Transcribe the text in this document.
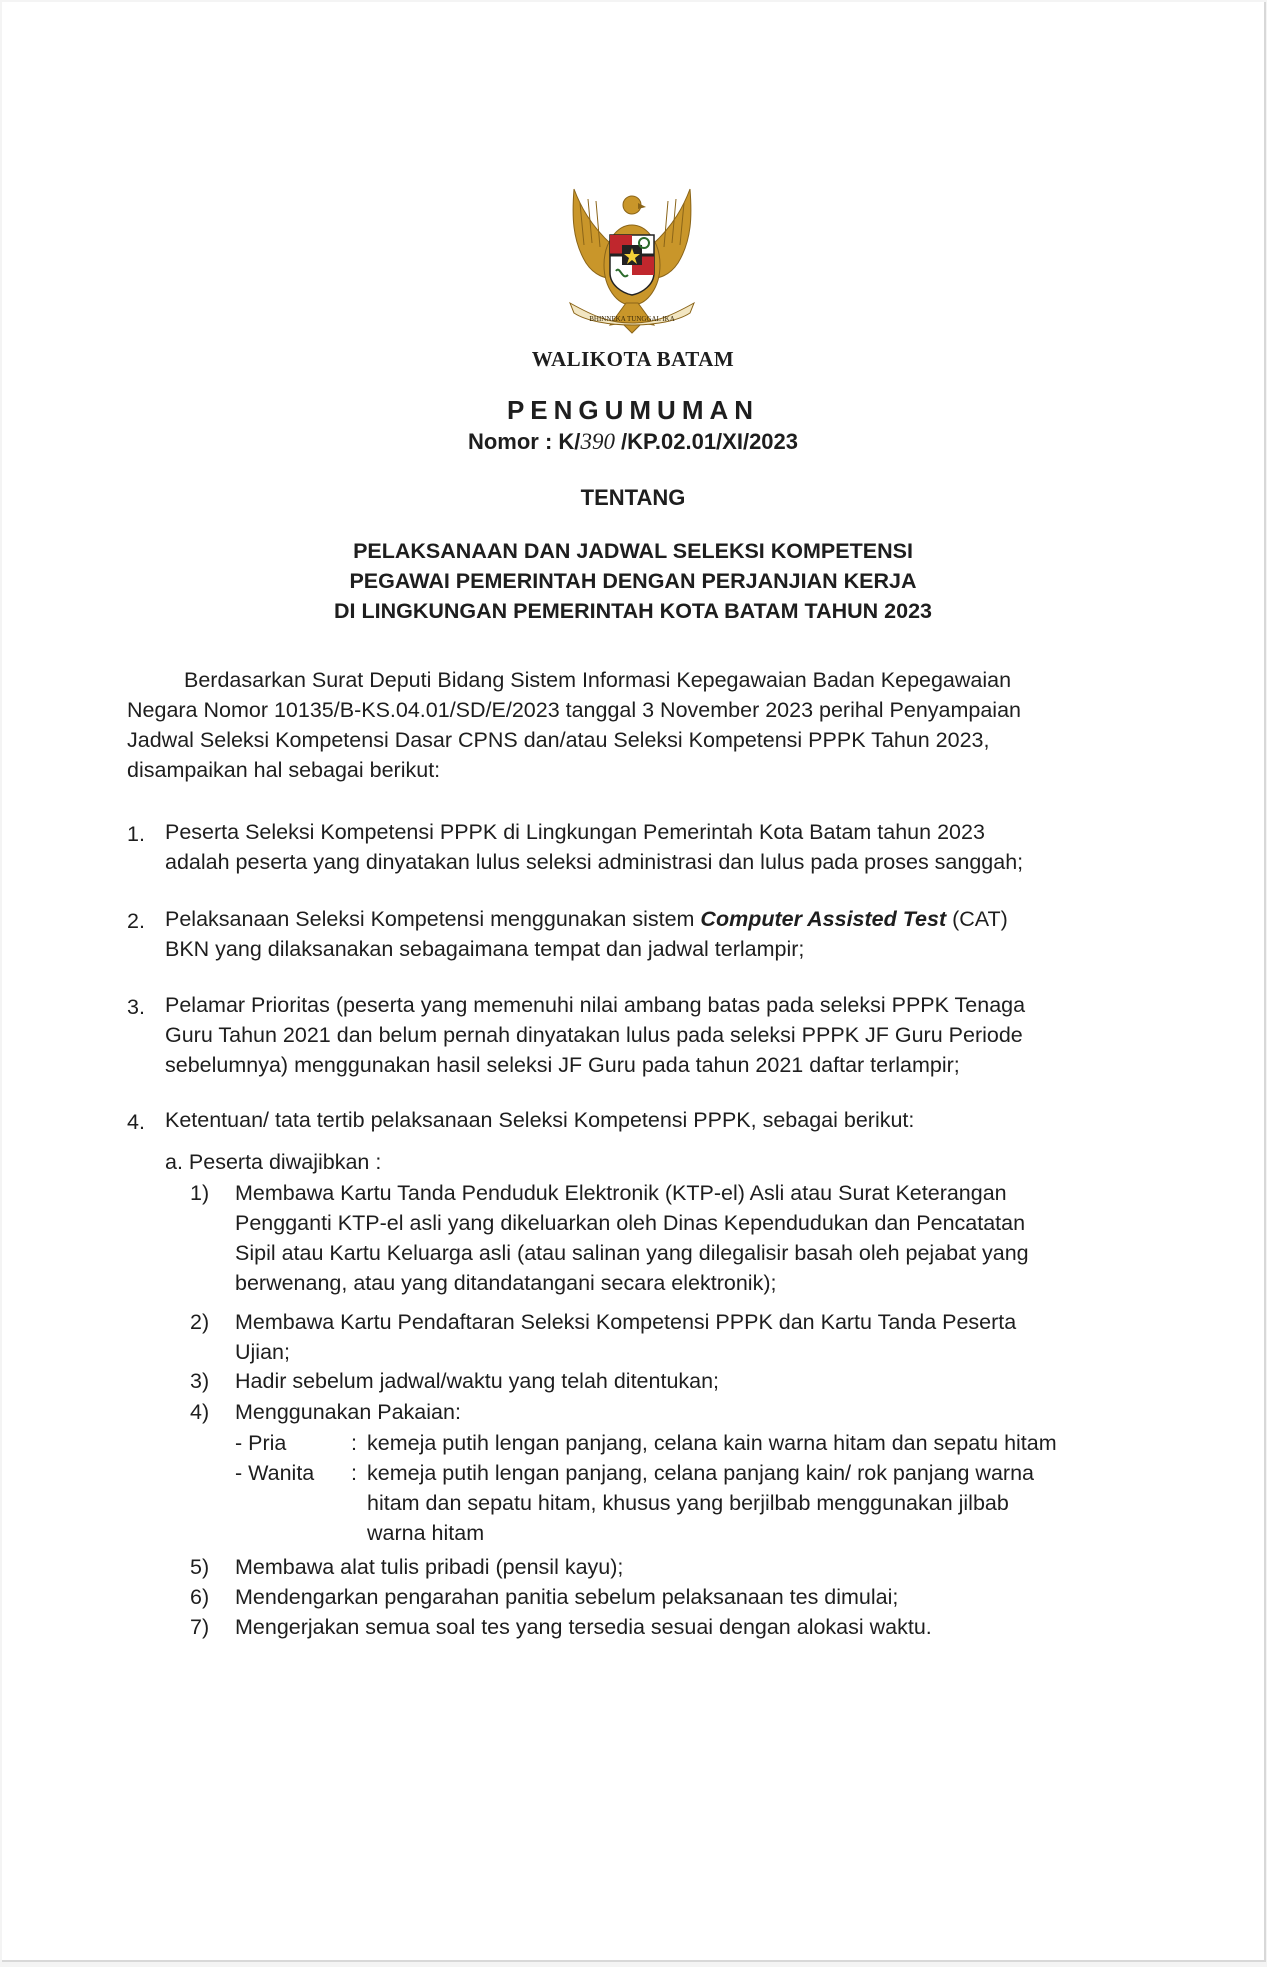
BHINNEKA TUNGGAL IKA
WALIKOTA BATAM
PENGUMUMAN
Nomor : K/390 /KP.02.01/XI/2023
TENTANG
PELAKSANAAN DAN JADWAL SELEKSI KOMPETENSI
PEGAWAI PEMERINTAH DENGAN PERJANJIAN KERJA
DI LINGKUNGAN PEMERINTAH KOTA BATAM TAHUN 2023
Berdasarkan Surat Deputi Bidang Sistem Informasi Kepegawaian Badan Kepegawaian
Negara Nomor 10135/B-KS.04.01/SD/E/2023 tanggal 3 November 2023 perihal Penyampaian
Jadwal Seleksi Kompetensi Dasar CPNS dan/atau Seleksi Kompetensi PPPK Tahun 2023,
disampaikan hal sebagai berikut:
1. Peserta Seleksi Kompetensi PPPK di Lingkungan Pemerintah Kota Batam tahun 2023
adalah peserta yang dinyatakan lulus seleksi administrasi dan lulus pada proses sanggah;
2. Pelaksanaan Seleksi Kompetensi menggunakan sistem Computer Assisted Test (CAT)
BKN yang dilaksanakan sebagaimana tempat dan jadwal terlampir;
3. Pelamar Prioritas (peserta yang memenuhi nilai ambang batas pada seleksi PPPK Tenaga
Guru Tahun 2021 dan belum pernah dinyatakan lulus pada seleksi PPPK JF Guru Periode
sebelumnya) menggunakan hasil seleksi JF Guru pada tahun 2021 daftar terlampir;
4. Ketentuan/ tata tertib pelaksanaan Seleksi Kompetensi PPPK, sebagai berikut:
a. Peserta diwajibkan :
1) Membawa Kartu Tanda Penduduk Elektronik (KTP-el) Asli atau Surat Keterangan
Pengganti KTP-el asli yang dikeluarkan oleh Dinas Kependudukan dan Pencatatan
Sipil atau Kartu Keluarga asli (atau salinan yang dilegalisir basah oleh pejabat yang
berwenang, atau yang ditandatangani secara elektronik);
2) Membawa Kartu Pendaftaran Seleksi Kompetensi PPPK dan Kartu Tanda Peserta
Ujian;
3) Hadir sebelum jadwal/waktu yang telah ditentukan;
4) Menggunakan Pakaian:
- Pria	: kemeja putih lengan panjang, celana kain warna hitam dan sepatu hitam
- Wanita : kemeja putih lengan panjang, celana panjang kain/ rok panjang warna
hitam dan sepatu hitam, khusus yang berjilbab menggunakan jilbab
warna hitam
5) Membawa alat tulis pribadi (pensil kayu);
6) Mendengarkan pengarahan panitia sebelum pelaksanaan tes dimulai;
7) Mengerjakan semua soal tes yang tersedia sesuai dengan alokasi waktu.
